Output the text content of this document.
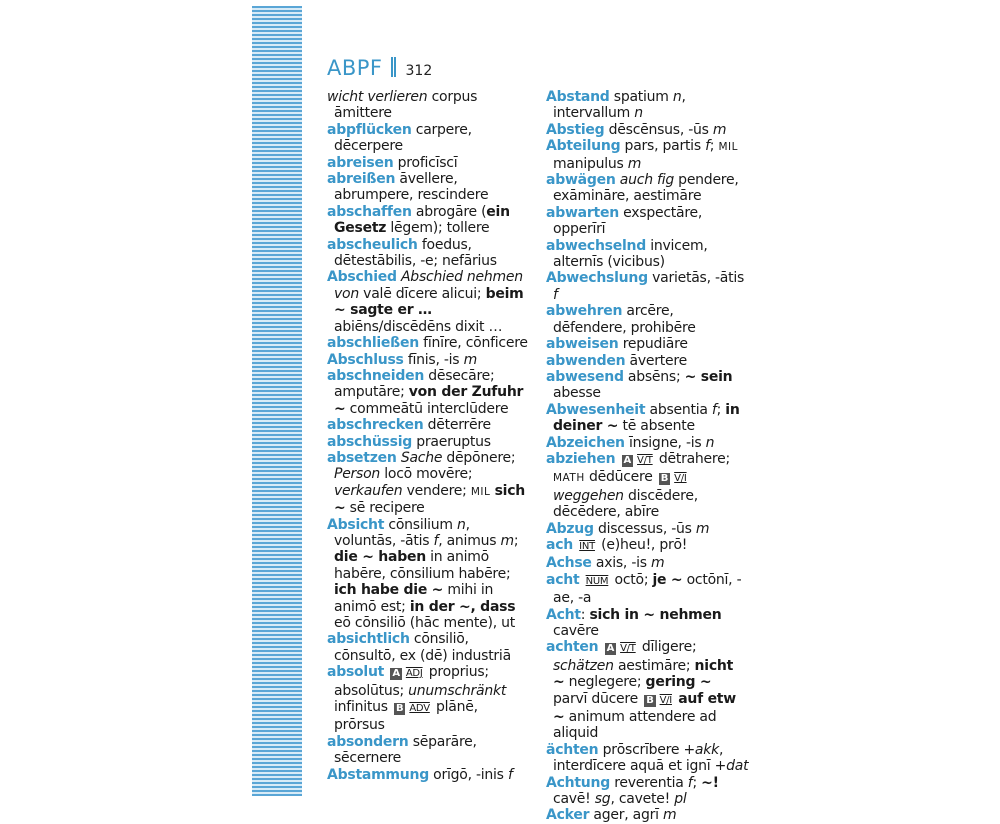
ABPF 312

wicht verlieren corpus āmittere

abpflücken carpere, dēcerpere

abreisen proficīscī

abreißen āvellere, abrumpere, rescindere

abschaffen abrogāre (ein Gesetz lēgem); tollere

abscheulich foedus, dētestābilis, -e; nefārius

Abschied Abschied nehmen von valē dīcere alicui; beim ~ sagte er … abiēns/discēdēns dixit …

abschließen fīnīre, cōnficere

Abschluss fīnis, -is m

abschneiden dēsecāre; amputāre; von der Zufuhr ~ commeātū interclūdere

abschrecken dēterrēre

abschüssig praeruptus

absetzen Sache dēpōnere; Person locō movēre; verkaufen vendere; MIL sich ~ sē recipere

Absicht cōnsilium n, voluntās, -ātis f, animus m; die ~ haben in animō habēre, cōnsilium habēre; ich habe die ~ mihi in animō est; in der ~, dass eō cōnsiliō (hāc mente), ut

absichtlich cōnsiliō, cōnsultō, ex (dē) industriā

absolut A ADJ proprius; absolūtus; unumschränkt infinitus B ADV plānē, prōrsus

absondern sēparāre, sēcernere

Abstammung orīgō, -inis f

Abstand spatium n, intervallum n

Abstieg dēscēnsus, -ūs m

Abteilung pars, partis f; MIL manipulus m

abwägen auch fig pendere, exāmināre, aestimāre

abwarten exspectāre, opperīrī

abwechselnd invicem, alternīs (vicibus)

Abwechslung varietās, -ātis f

abwehren arcēre, dēfendere, prohibēre

abweisen repudiāre

abwenden āvertere

abwesend absēns; ~ sein abesse

Abwesenheit absentia f; in deiner ~ tē absente

Abzeichen īnsigne, -is n

abziehen A V/T dētrahere; MATH dēdūcere B V/I weggehen discēdere, dēcēdere, abīre

Abzug discessus, -ūs m

ach INT (e)heu!, prō!

Achse axis, -is m

acht NUM octō; je ~ octōnī, -ae, -a

Acht: sich in ~ nehmen cavēre

achten A V/T dīligere; schätzen aestimāre; nicht ~ neglegere; gering ~ parvī dūcere B V/I auf etw ~ animum attendere ad aliquid

ächten prōscrībere +akk, interdīcere aquā et ignī +dat

Achtung reverentia f; ~! cavē! sg, cavete! pl

Acker ager, agrī m
